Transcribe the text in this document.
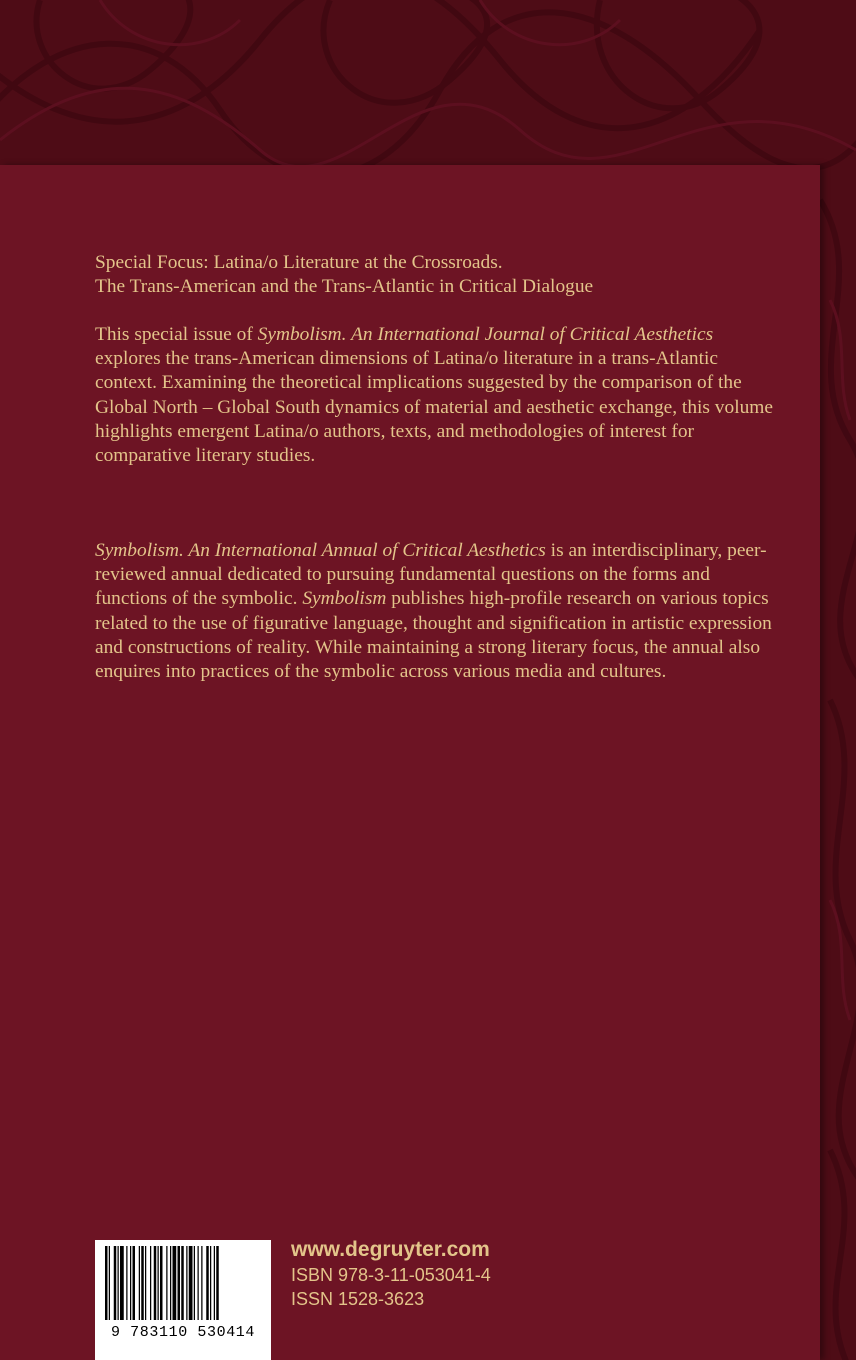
Special Focus: Latina/o Literature at the Crossroads.

The Trans-American and the Trans-Atlantic in Critical Dialogue

This special issue of Symbolism. An International Journal of Critical Aesthetics explores the trans-American dimensions of Latina/o literature in a trans-Atlantic context. Examining the theoretical implications suggested by the comparison of the Global North – Global South dynamics of material and aesthetic exchange, this volume highlights emergent Latina/o authors, texts, and methodologies of interest for comparative literary studies.

Symbolism. An International Annual of Critical Aesthetics is an interdisciplinary, peer-reviewed annual dedicated to pursuing fundamental questions on the forms and functions of the symbolic. Symbolism publishes high-profile research on various topics related to the use of figurative language, thought and signification in artistic expression and constructions of reality. While maintaining a strong literary focus, the annual also enquires into practices of the symbolic across various media and cultures.

9 783110 530414
www.degruyter.com
ISBN 978-3-11-053041-4
ISSN 1528-3623
